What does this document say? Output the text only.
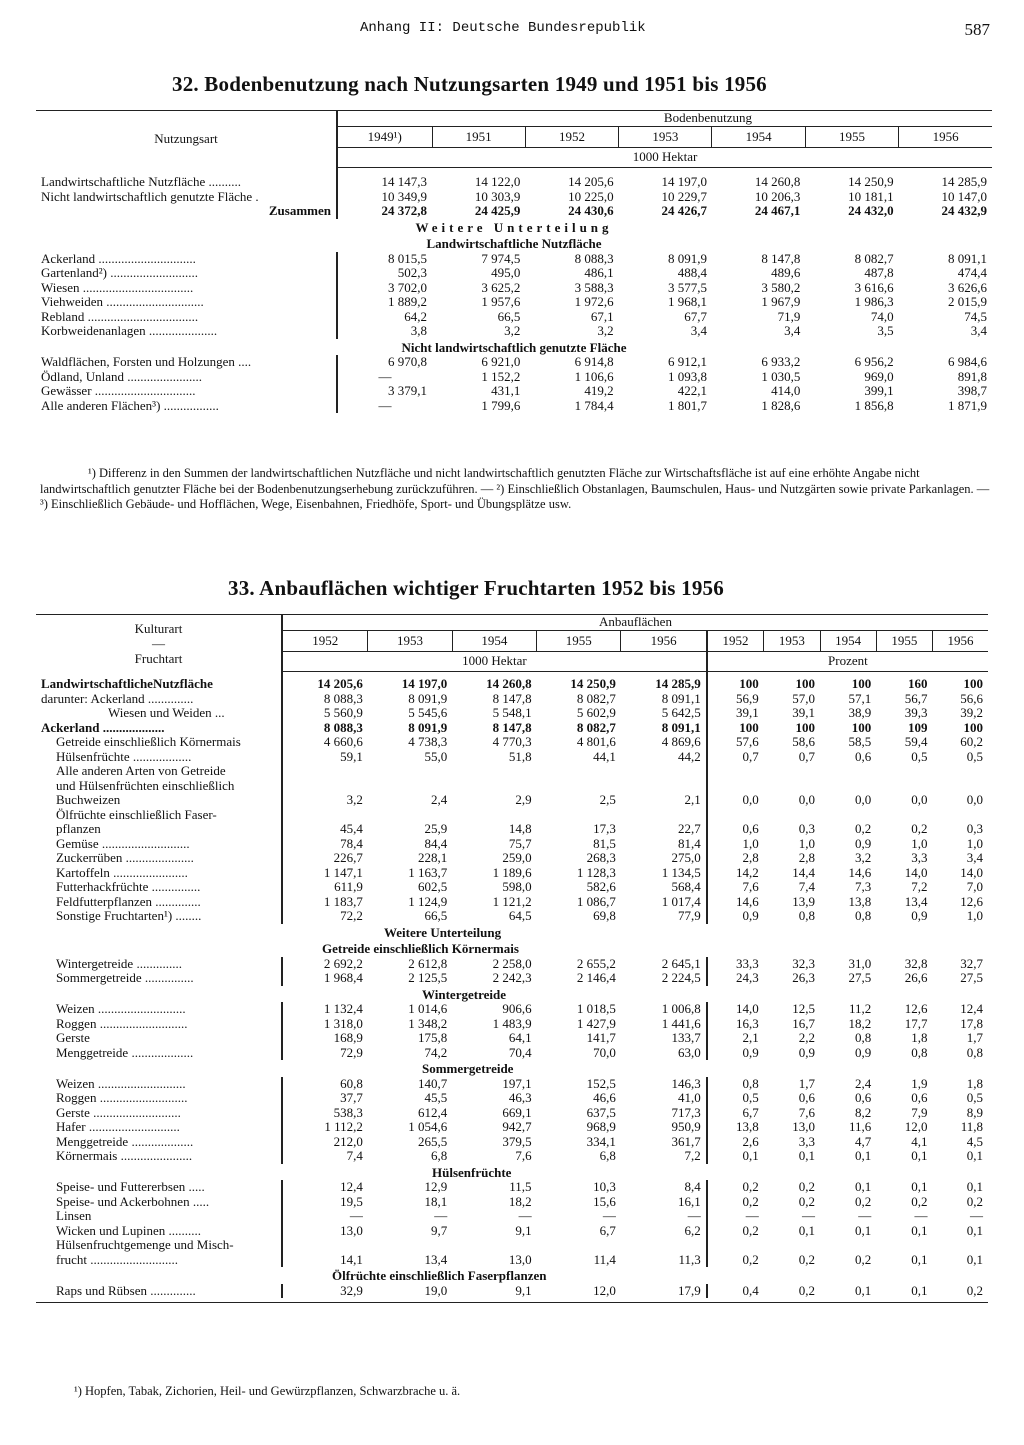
Anhang II: Deutsche Bundesrepublik	587
32. Bodenbenutzung nach Nutzungsarten 1949 und 1951 bis 1956
Nutzungsart	Bodenbenutzung						
	1949¹)	1951	1952	1953	1954	1955	1956
	1000 Hektar						

Landwirtschaftliche Nutzfläche ..........	14 147,3	14 122,0	14 205,6	14 197,0	14 260,8	14 250,9	14 285,9
Nicht landwirtschaftlich genutzte Fläche .	10 349,9	10 303,9	10 225,0	10 229,7	10 206,3	10 181,1	10 147,0
Zusammen	24 372,8	24 425,9	24 430,6	24 426,7	24 467,1	24 432,0	24 432,9
Weitere Unterteilung							
Landwirtschaftliche Nutzfläche							
Ackerland ..............................	8 015,5	7 974,5	8 088,3	8 091,9	8 147,8	8 082,7	8 091,1
Gartenland²) ...........................	502,3	495,0	486,1	488,4	489,6	487,8	474,4
Wiesen ..................................	3 702,0	3 625,2	3 588,3	3 577,5	3 580,2	3 616,6	3 626,6
Viehweiden ..............................	1 889,2	1 957,6	1 972,6	1 968,1	1 967,9	1 986,3	2 015,9
Rebland ..................................	64,2	66,5	67,1	67,7	71,9	74,0	74,5
Korbweidenanlagen .....................	3,8	3,2	3,2	3,4	3,4	3,5	3,4
Nicht landwirtschaftlich genutzte Fläche							
Waldflächen, Forsten und Holzungen ....	6 970,8	6 921,0	6 914,8	6 912,1	6 933,2	6 956,2	6 984,6
Ödland, Unland .......................	—	1 152,2	1 106,6	1 093,8	1 030,5	969,0	891,8
Gewässer ...............................	3 379,1	431,1	419,2	422,1	414,0	399,1	398,7
Alle anderen Flächen³) .................	—	1 799,6	1 784,4	1 801,7	1 828,6	1 856,8	1 871,9
¹) Differenz in den Summen der landwirtschaftlichen Nutzfläche und nicht landwirtschaftlich genutzten Fläche zur Wirtschaftsfläche ist auf eine erhöhte Angabe nicht landwirtschaftlich genutzter Fläche bei der Bodenbenutzungserhebung zurückzuführen. — ²) Einschließlich Obstanlagen, Baumschulen, Haus- und Nutzgärten sowie private Parkanlagen. — ³) Einschließlich Gebäude- und Hofflächen, Wege, Eisenbahnen, Friedhöfe, Sport- und Übungsplätze usw.
33. Anbauflächen wichtiger Fruchtarten 1952 bis 1956
Kulturart
—
Fruchtart	Anbauflächen									
	1952	1953	1954	1955	1956	1952	1953	1954	1955	1956
	1000 Hektar					Prozent				

LandwirtschaftlicheNutzfläche	14 205,6	14 197,0	14 260,8	14 250,9	14 285,9	100	100	100	160	100
darunter: Ackerland ..............	8 088,3	8 091,9	8 147,8	8 082,7	8 091,1	56,9	57,0	57,1	56,7	56,6
Wiesen und Weiden ...	5 560,9	5 545,6	5 548,1	5 602,9	5 642,5	39,1	39,1	38,9	39,3	39,2
Ackerland ...................	8 088,3	8 091,9	8 147,8	8 082,7	8 091,1	100	100	100	109	100
Getreide einschließlich Körnermais	4 660,6	4 738,3	4 770,3	4 801,6	4 869,6	57,6	58,6	58,5	59,4	60,2
Hülsenfrüchte ..................	59,1	55,0	51,8	44,1	44,2	0,7	0,7	0,6	0,5	0,5
Alle anderen Arten von Getreide										
und Hülsenfrüchten einschließlich										
Buchweizen	3,2	2,4	2,9	2,5	2,1	0,0	0,0	0,0	0,0	0,0
Ölfrüchte einschließlich Faser-										
pflanzen	45,4	25,9	14,8	17,3	22,7	0,6	0,3	0,2	0,2	0,3
Gemüse ...........................	78,4	84,4	75,7	81,5	81,4	1,0	1,0	0,9	1,0	1,0
Zuckerrüben .....................	226,7	228,1	259,0	268,3	275,0	2,8	2,8	3,2	3,3	3,4
Kartoffeln .......................	1 147,1	1 163,7	1 189,6	1 128,3	1 134,5	14,2	14,4	14,6	14,0	14,0
Futterhackfrüchte ...............	611,9	602,5	598,0	582,6	568,4	7,6	7,4	7,3	7,2	7,0
Feldfutterpflanzen ..............	1 183,7	1 124,9	1 121,2	1 086,7	1 017,4	14,6	13,9	13,8	13,4	12,6
Sonstige Fruchtarten¹) ........	72,2	66,5	64,5	69,8	77,9	0,9	0,8	0,8	0,9	1,0
	Weitere Unterteilung									
	Getreide einschließlich Körnermais									
Wintergetreide ..............	2 692,2	2 612,8	2 258,0	2 655,2	2 645,1	33,3	32,3	31,0	32,8	32,7
Sommergetreide ...............	1 968,4	2 125,5	2 242,3	2 146,4	2 224,5	24,3	26,3	27,5	26,6	27,5
	Wintergetreide									
Weizen ...........................	1 132,4	1 014,6	906,6	1 018,5	1 006,8	14,0	12,5	11,2	12,6	12,4
Roggen ...........................	1 318,0	1 348,2	1 483,9	1 427,9	1 441,6	16,3	16,7	18,2	17,7	17,8
Gerste	168,9	175,8	64,1	141,7	133,7	2,1	2,2	0,8	1,8	1,7
Menggetreide ...................	72,9	74,2	70,4	70,0	63,0	0,9	0,9	0,9	0,8	0,8
	Sommergetreide									
Weizen ...........................	60,8	140,7	197,1	152,5	146,3	0,8	1,7	2,4	1,9	1,8
Roggen ...........................	37,7	45,5	46,3	46,6	41,0	0,5	0,6	0,6	0,6	0,5
Gerste ...........................	538,3	612,4	669,1	637,5	717,3	6,7	7,6	8,2	7,9	8,9
Hafer ............................	1 112,2	1 054,6	942,7	968,9	950,9	13,8	13,0	11,6	12,0	11,8
Menggetreide ...................	212,0	265,5	379,5	334,1	361,7	2,6	3,3	4,7	4,1	4,5
Körnermais ......................	7,4	6,8	7,6	6,8	7,2	0,1	0,1	0,1	0,1	0,1
	Hülsenfrüchte									
Speise- und Futtererbsen .....	12,4	12,9	11,5	10,3	8,4	0,2	0,2	0,1	0,1	0,1
Speise- und Ackerbohnen .....	19,5	18,1	18,2	15,6	16,1	0,2	0,2	0,2	0,2	0,2
Linsen	—	—	—	—	—	—	—	—	—	—
Wicken und Lupinen ..........	13,0	9,7	9,1	6,7	6,2	0,2	0,1	0,1	0,1	0,1
Hülsenfruchtgemenge und Misch-										
frucht ...........................	14,1	13,4	13,0	11,4	11,3	0,2	0,2	0,2	0,1	0,1
	Ölfrüchte einschließlich Faserpflanzen									
Raps und Rübsen ..............	32,9	19,0	9,1	12,0	17,9	0,4	0,2	0,1	0,1	0,2

¹) Hopfen, Tabak, Zichorien, Heil- und Gewürzpflanzen, Schwarzbrache u. ä.
